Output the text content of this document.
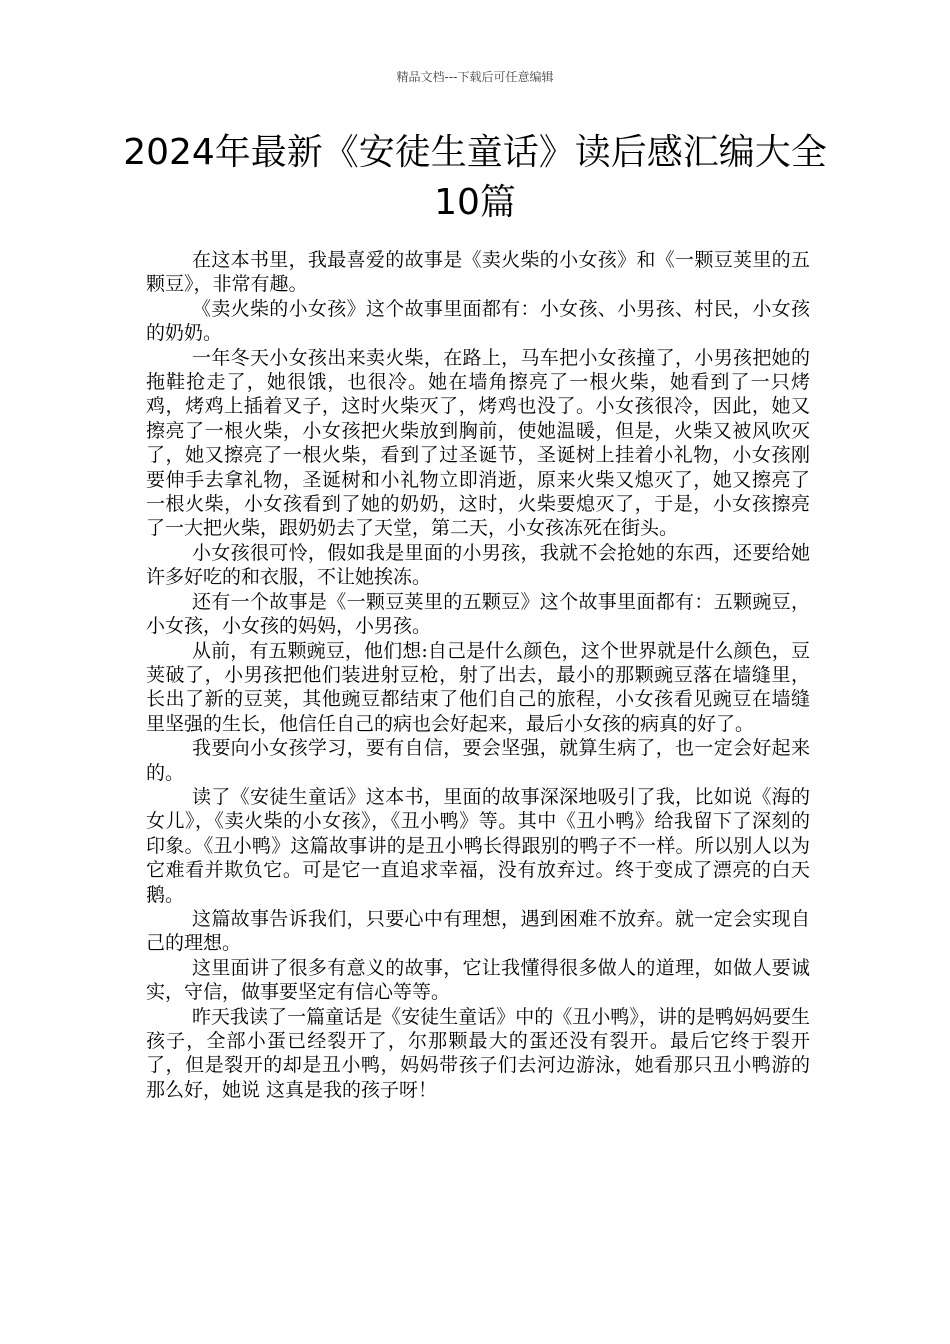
精品文档---下载后可任意编辑
2024年最新《安徒生童话》读后感汇编大全10篇

在这本书里，我最喜爱的故事是《卖火柴的小女孩》和《一颗豆荚里的五颗豆》，非常有趣。

《卖火柴的小女孩》这个故事里面都有：小女孩、小男孩、村民，小女孩的奶奶。

一年冬天小女孩出来卖火柴，在路上，马车把小女孩撞了，小男孩把她的拖鞋抢走了，她很饿，也很冷。她在墙角擦亮了一根火柴，她看到了一只烤鸡，烤鸡上插着叉子，这时火柴灭了，烤鸡也没了。小女孩很冷，因此，她又擦亮了一根火柴，小女孩把火柴放到胸前，使她温暖，但是，火柴又被风吹灭了，她又擦亮了一根火柴，看到了过圣诞节，圣诞树上挂着小礼物，小女孩刚要伸手去拿礼物，圣诞树和小礼物立即消逝，原来火柴又熄灭了，她又擦亮了一根火柴，小女孩看到了她的奶奶，这时，火柴要熄灭了，于是，小女孩擦亮了一大把火柴，跟奶奶去了天堂，第二天，小女孩冻死在街头。

小女孩很可怜，假如我是里面的小男孩，我就不会抢她的东西，还要给她许多好吃的和衣服，不让她挨冻。

还有一个故事是《一颗豆荚里的五颗豆》这个故事里面都有：五颗豌豆，小女孩，小女孩的妈妈，小男孩。

从前，有五颗豌豆，他们想:自己是什么颜色，这个世界就是什么颜色，豆荚破了，小男孩把他们装进射豆枪，射了出去，最小的那颗豌豆落在墙缝里，长出了新的豆荚，其他豌豆都结束了他们自己的旅程，小女孩看见豌豆在墙缝里坚强的生长，他信任自己的病也会好起来，最后小女孩的病真的好了。

我要向小女孩学习，要有自信，要会坚强，就算生病了，也一定会好起来的。

读了《安徒生童话》这本书，里面的故事深深地吸引了我，比如说《海的女儿》，《卖火柴的小女孩》，《丑小鸭》等。其中《丑小鸭》给我留下了深刻的印象。《丑小鸭》这篇故事讲的是丑小鸭长得跟别的鸭子不一样。所以别人以为它难看并欺负它。可是它一直追求幸福，没有放弃过。终于变成了漂亮的白天鹅。

这篇故事告诉我们，只要心中有理想，遇到困难不放弃。就一定会实现自己的理想。

这里面讲了很多有意义的故事，它让我懂得很多做人的道理，如做人要诚实，守信，做事要坚定有信心等等。

昨天我读了一篇童话是《安徒生童话》中的《丑小鸭》，讲的是鸭妈妈要生孩子，全部小蛋已经裂开了，尔那颗最大的蛋还没有裂开。最后它终于裂开了，但是裂开的却是丑小鸭，妈妈带孩子们去河边游泳，她看那只丑小鸭游的那么好，她说 这真是我的孩子呀！
